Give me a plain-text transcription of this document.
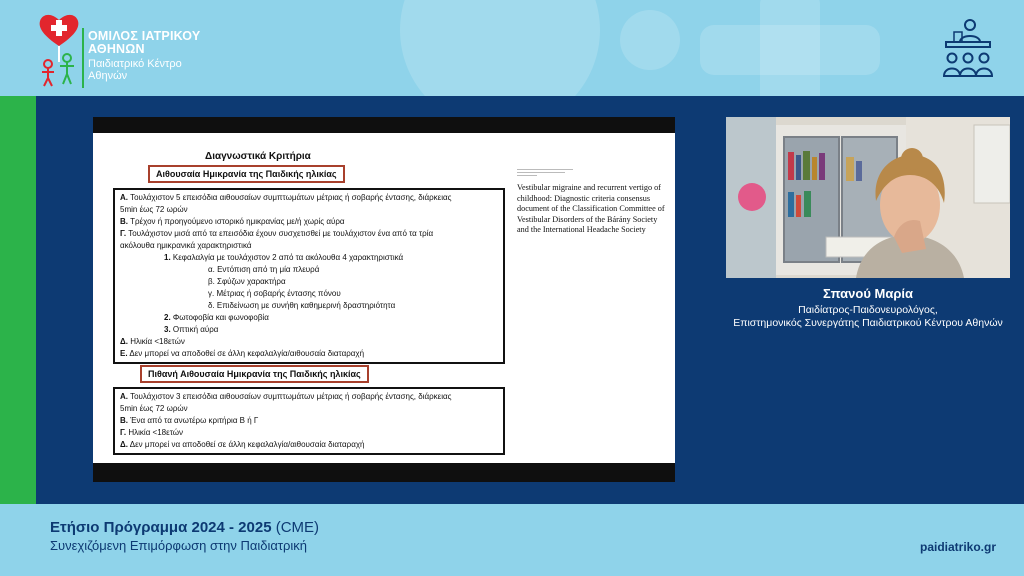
ΟΜΙΛΟΣ ΙΑΤΡΙΚΟΥ
ΑΘΗΝΩΝ
Παιδιατρικό Κέντρο
Αθηνών
Διαγνωστικά Κριτήρια
Αιθουσαία Ημικρανία της Παιδικής ηλικίας
Α. Τουλάχιστον 5 επεισόδια αιθουσαίων συμπτωμάτων μέτριας ή σοβαρής έντασης, διάρκειας
5min έως 72 ωρών
Β. Τρέχον ή προηγούμενο ιστορικό ημικρανίας με/ή χωρίς αύρα
Γ. Τουλάχιστον μισά από τα επεισόδια έχουν συσχετισθεί με τουλάχιστον ένα από τα τρία
ακόλουθα ημικρανικά χαρακτηριστικά
1. Κεφαλαλγία με τουλάχιστον 2 από τα ακόλουθα 4 χαρακτηριστικά
α. Εντόπιση από τη μία πλευρά
β. Σφύζων χαρακτήρα
γ. Μέτριας ή σοβαρής έντασης πόνου
δ. Επιδείνωση με συνήθη καθημερινή δραστηριότητα
2. Φωτοφοβία και φωνοφοβία
3. Οπτική αύρα
Δ. Ηλικία <18ετών
Ε. Δεν μπορεί να αποδοθεί σε άλλη κεφαλαλγία/αιθουσαία διαταραχή
Πιθανή Αιθουσαία Ημικρανία της Παιδικής ηλικίας
Α. Τουλάχιστον 3 επεισόδια αιθουσαίων συμπτωμάτων μέτριας ή σοβαρής έντασης, διάρκειας
5min έως 72 ωρών
Β. Ένα από τα ανωτέρω κριτήρια Β ή Γ
Γ. Ηλικία <18ετών
Δ. Δεν μπορεί να αποδοθεί σε άλλη κεφαλαλγία/αιθουσαία διαταραχή
Vestibular migraine and recurrent vertigo of childhood: Diagnostic criteria consensus document of the Classification Committee of Vestibular Disorders of the Bárány Society and the International Headache Society
Σπανού Μαρία
Παιδίατρος-Παιδονευρολόγος,
Επιστημονικός Συνεργάτης Παιδιατρικού Κέντρου Αθηνών
Ετήσιο Πρόγραμμα 2024 - 2025 (CME)
Συνεχιζόμενη Επιμόρφωση στην Παιδιατρική	paidiatriko.gr
